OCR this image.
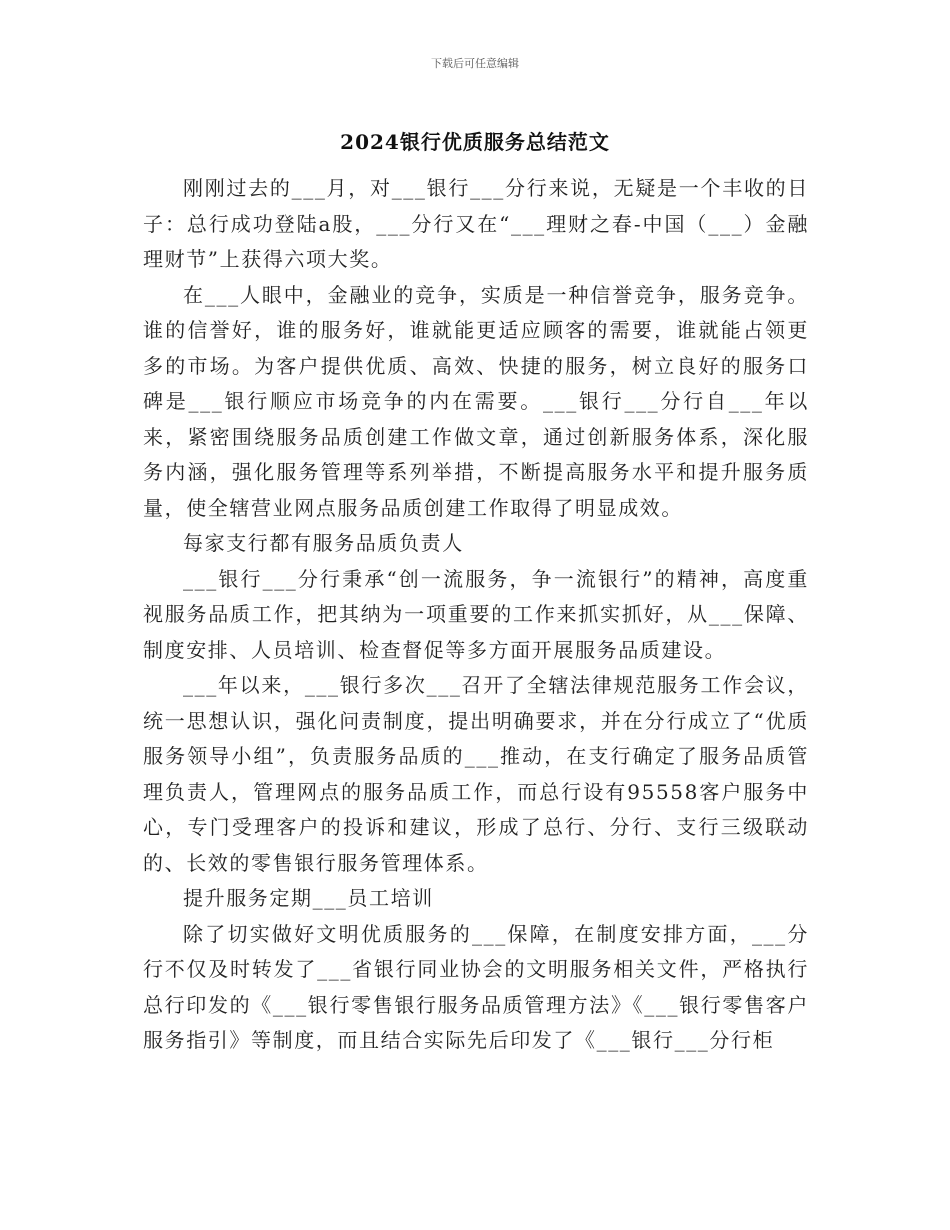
下载后可任意编辑
2024银行优质服务总结范文

刚刚过去的___月，对___银行___分行来说，无疑是一个丰收的日子：总行成功登陆a股，___分行又在“___理财之春-中国（___）金融理财节”上获得六项大奖。

在___人眼中，金融业的竞争，实质是一种信誉竞争，服务竞争。谁的信誉好，谁的服务好，谁就能更适应顾客的需要，谁就能占领更多的市场。为客户提供优质、高效、快捷的服务，树立良好的服务口碑是___银行顺应市场竞争的内在需要。___银行___分行自___年以来，紧密围绕服务品质创建工作做文章，通过创新服务体系，深化服务内涵，强化服务管理等系列举措，不断提高服务水平和提升服务质量，使全辖营业网点服务品质创建工作取得了明显成效。

每家支行都有服务品质负责人

___银行___分行秉承“创一流服务，争一流银行”的精神，高度重视服务品质工作，把其纳为一项重要的工作来抓实抓好，从___保障、制度安排、人员培训、检查督促等多方面开展服务品质建设。

___年以来，___银行多次___召开了全辖法律规范服务工作会议，统一思想认识，强化问责制度，提出明确要求，并在分行成立了“优质服务领导小组”，负责服务品质的___推动，在支行确定了服务品质管理负责人，管理网点的服务品质工作，而总行设有95558客户服务中心，专门受理客户的投诉和建议，形成了总行、分行、支行三级联动的、长效的零售银行服务管理体系。

提升服务定期___员工培训

除了切实做好文明优质服务的___保障，在制度安排方面，___分行不仅及时转发了___省银行同业协会的文明服务相关文件，严格执行总行印发的《___银行零售银行服务品质管理方法》《___银行零售客户服务指引》等制度，而且结合实际先后印发了《___银行___分行柜
